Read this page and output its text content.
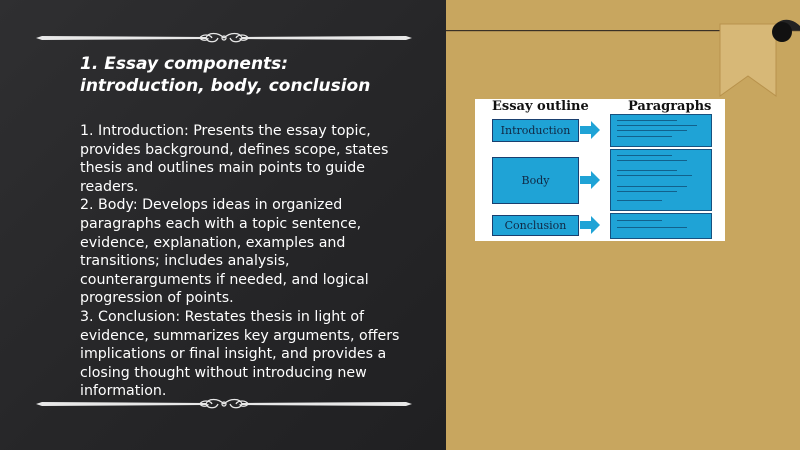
1. Essay components: introduction, body, conclusion

1. Introduction: Presents the essay topic, provides background, defines scope, states thesis and outlines main points to guide readers.

2. Body: Develops ideas in organized paragraphs each with a topic sentence, evidence, explanation, examples and transitions; includes analysis, counterarguments if needed, and logical progression of points.

3. Conclusion: Restates thesis in light of evidence, summarizes key arguments, offers implications or final insight, and provides a closing thought without introducing new information.

Essay outline	Paragraphs
Introduction
Body
Conclusion
